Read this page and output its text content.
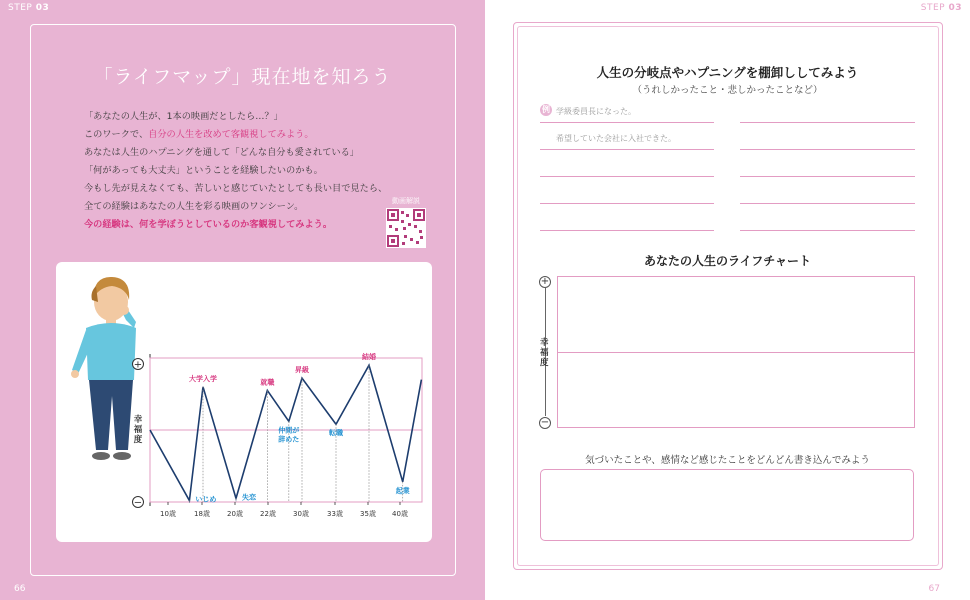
STEP 03
「ライフマップ」現在地を知ろう
「あなたの人生が、1本の映画だとしたら…？」
このワークで、自分の人生を改めて客観視してみよう。
あなたは人生のハプニングを通して「どんな自分も愛されている」
「何があっても大丈夫」ということを経験したいのかも。
今もし先が見えなくても、苦しいと感じていたとしても長い目で見たら、
全ての経験はあなたの人生を彩る映画のワンシーン。
今の経験は、何を学ぼうとしているのか客観視してみよう。
動画解説
+
−
幸
福
度
10歳	18歳 20歳 22歳 30歳	33歳 35歳 40歳
いじめ
大学入学
失恋
就職
仲間が
辞めた
昇級
転職
結婚
起業
66
STEP 03
67
人生の分岐点やハプニングを棚卸ししてみよう
（うれしかったこと・悲しかったことなど）
例 学級委員長になった。
希望していた会社に入社できた。
あなたの人生のライフチャート
+
−
幸福度
気づいたことや、感情など感じたことをどんどん書き込んでみよう
